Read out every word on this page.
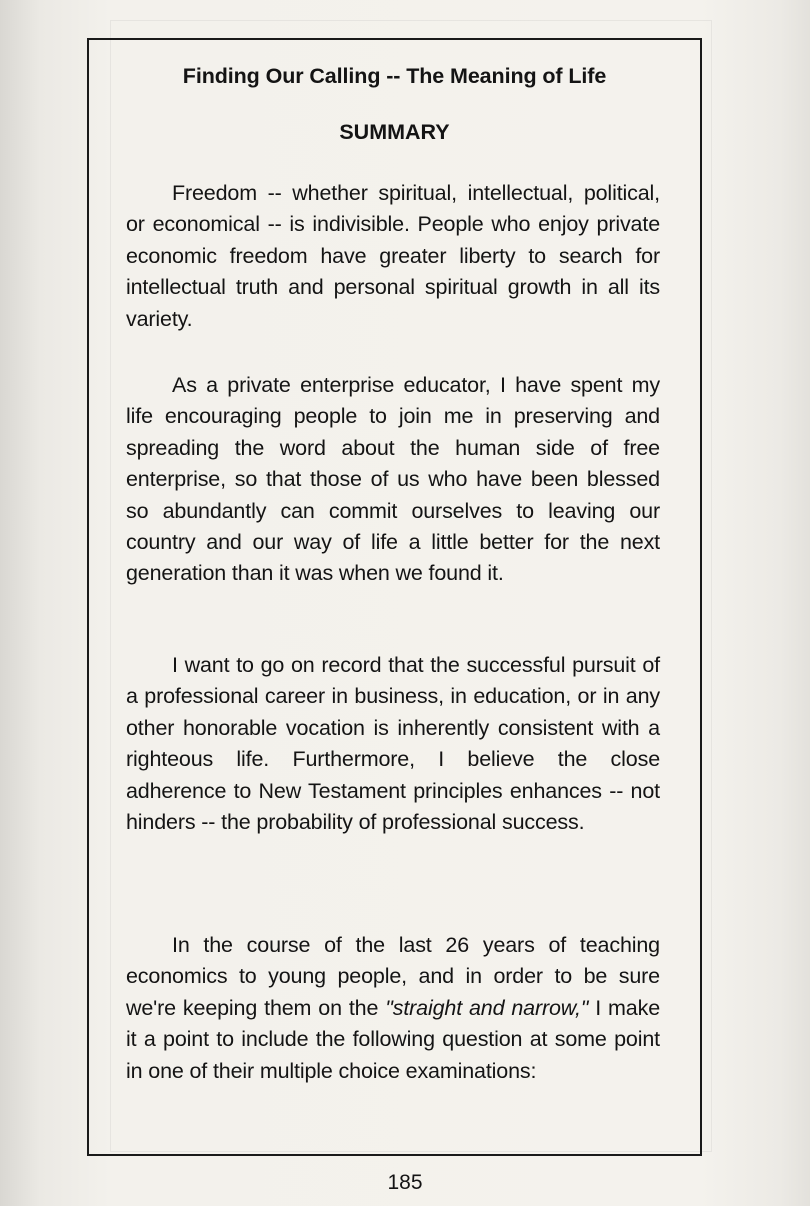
Finding Our Calling -- The Meaning of Life
SUMMARY

Freedom -- whether spiritual, intellectual, political, or economical -- is indivisible. People who enjoy private economic freedom have greater liberty to search for intellectual truth and personal spiritual growth in all its variety.

As a private enterprise educator, I have spent my life encouraging people to join me in preserving and spreading the word about the human side of free enterprise, so that those of us who have been blessed so abundantly can commit ourselves to leaving our country and our way of life a little better for the next generation than it was when we found it.

I want to go on record that the successful pursuit of a professional career in business, in education, or in any other honorable vocation is inherently consistent with a righteous life. Furthermore, I believe the close adherence to New Testament principles enhances -- not hinders -- the probability of professional success.

In the course of the last 26 years of teaching economics to young people, and in order to be sure we're keeping them on the "straight and narrow," I make it a point to include the following question at some point in one of their multiple choice examinations:

185
